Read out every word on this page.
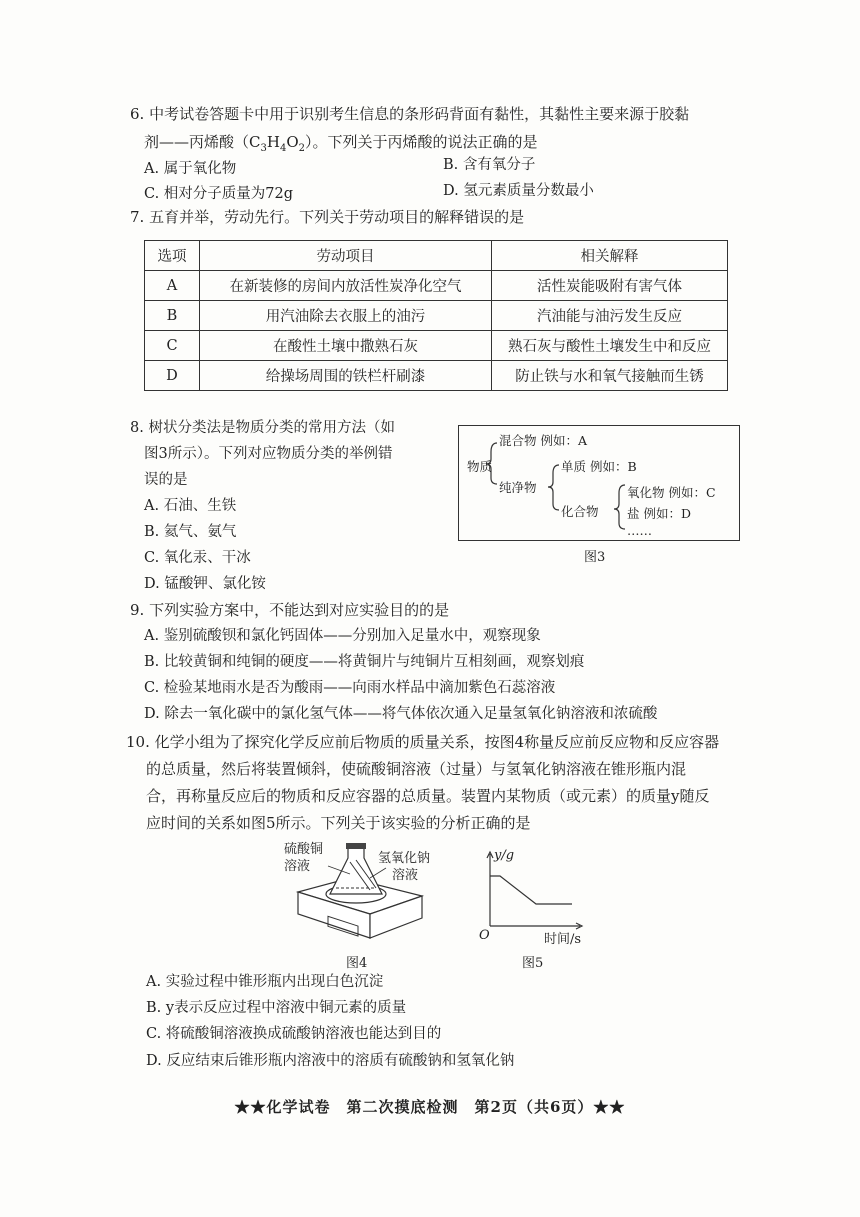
6. 中考试卷答题卡中用于识别考生信息的条形码背面有黏性，其黏性主要来源于胶黏
剂——丙烯酸$(C_3H_4O_2)$。下列关于丙烯酸的说法正确的是
A. 属于氧化物	B. 含有氧分子
C. 相对分子质量为72g	D. 氢元素质量分数最小
7. 五育并举，劳动先行。下列关于劳动项目的解释错误的是
选项	劳动项目	相关解释
A	在新装修的房间内放活性炭净化空气	活性炭能吸附有害气体
B	用汽油除去衣服上的油污	汽油能与油污发生反应
C	在酸性土壤中撒熟石灰	熟石灰与酸性土壤发生中和反应
D	给操场周围的铁栏杆刷漆	防止铁与水和氧气接触而生锈
8. 树状分类法是物质分类的常用方法（如
图3所示）。下列对应物质分类的举例错
误的是
A. 石油、生铁
B. 氦气、氨气
C. 氧化汞、干冰
D. 锰酸钾、氯化铵
物质
混合物 例如：A
纯净物
单质 例如：B
化合物
氧化物 例如：C
盐 例如：D
……
图3
9. 下列实验方案中，不能达到对应实验目的的是
A. 鉴别硫酸钡和氯化钙固体——分别加入足量水中，观察现象
B. 比较黄铜和纯铜的硬度——将黄铜片与纯铜片互相刻画，观察划痕
C. 检验某地雨水是否为酸雨——向雨水样品中滴加紫色石蕊溶液
D. 除去一氧化碳中的氯化氢气体——将气体依次通入足量氢氧化钠溶液和浓硫酸
10. 化学小组为了探究化学反应前后物质的质量关系，按图4称量反应前反应物和反应容器
的总质量，然后将装置倾斜，使硫酸铜溶液（过量）与氢氧化钠溶液在锥形瓶内混
合，再称量反应后的物质和反应容器的总质量。装置内某物质（或元素）的质量y随反
应时间的关系如图5所示。下列关于该实验的分析正确的是
硫酸铜
溶液
氢氧化钠
溶液
图4
y/g
O	时间/s
图5
A. 实验过程中锥形瓶内出现白色沉淀
B. y表示反应过程中溶液中铜元素的质量
C. 将硫酸铜溶液换成硫酸钠溶液也能达到目的
D. 反应结束后锥形瓶内溶液中的溶质有硫酸钠和氢氧化钠
★★化学试卷　第二次摸底检测　第2页（共6页）★★
